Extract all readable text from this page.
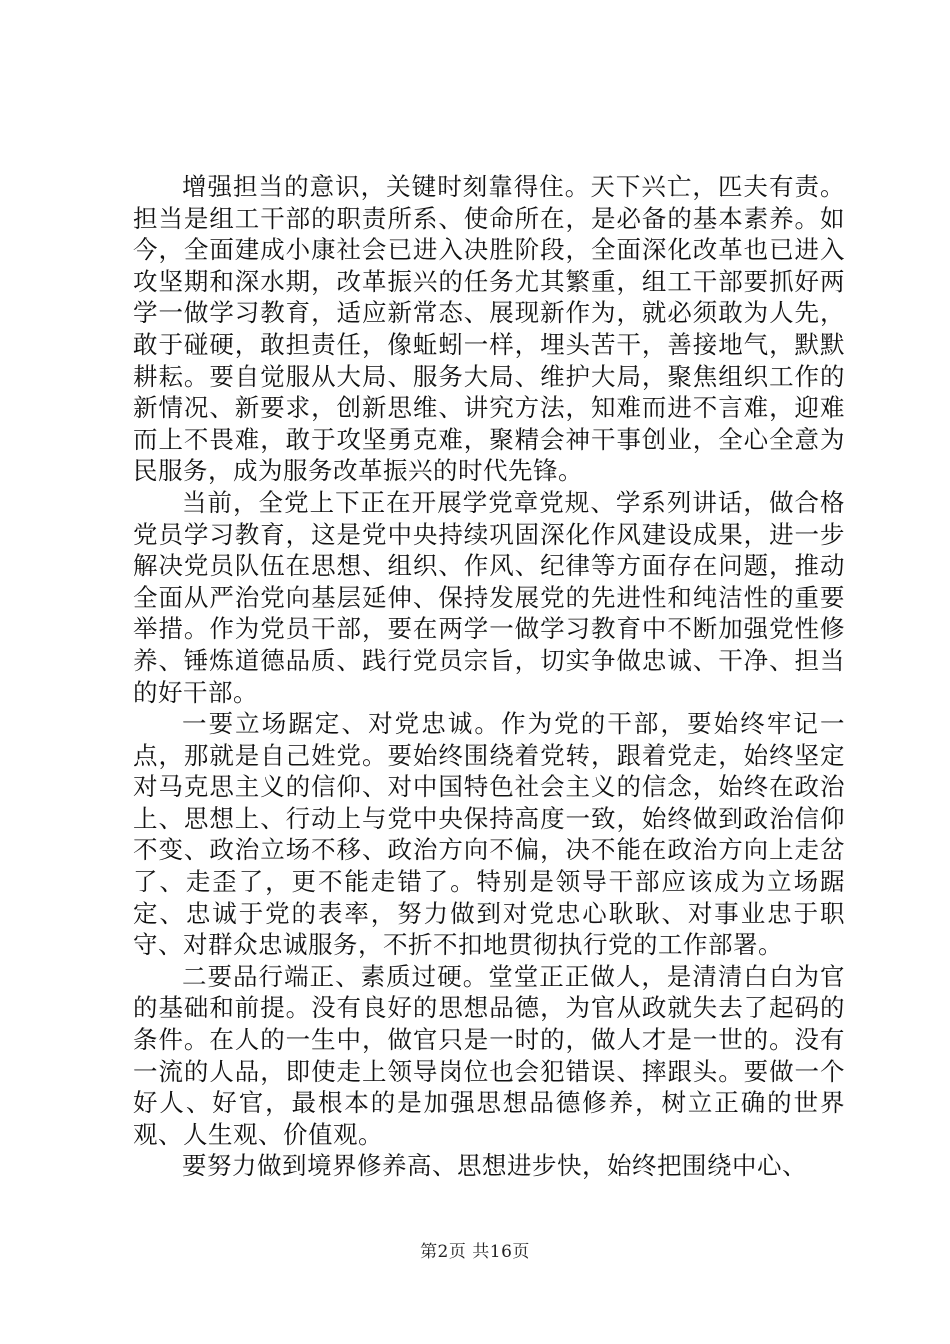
增强担当的意识，关键时刻靠得住。天下兴亡，匹夫有责。担当是组工干部的职责所系、使命所在，是必备的基本素养。如今，全面建成小康社会已进入决胜阶段，全面深化改革也已进入攻坚期和深水期，改革振兴的任务尤其繁重，组工干部要抓好两学一做学习教育，适应新常态、展现新作为，就必须敢为人先，敢于碰硬，敢担责任，像蚯蚓一样，埋头苦干，善接地气，默默耕耘。要自觉服从大局、服务大局、维护大局，聚焦组织工作的新情况、新要求，创新思维、讲究方法，知难而进不言难，迎难而上不畏难，敢于攻坚勇克难，聚精会神干事创业，全心全意为民服务，成为服务改革振兴的时代先锋。

当前，全党上下正在开展学党章党规、学系列讲话，做合格党员学习教育，这是党中央持续巩固深化作风建设成果，进一步解决党员队伍在思想、组织、作风、纪律等方面存在问题，推动全面从严治党向基层延伸、保持发展党的先进性和纯洁性的重要举措。作为党员干部，要在两学一做学习教育中不断加强党性修养、锤炼道德品质、践行党员宗旨，切实争做忠诚、干净、担当的好干部。

一要立场踞定、对党忠诚。作为党的干部，要始终牢记一点，那就是自己姓党。要始终围绕着党转，跟着党走，始终坚定对马克思主义的信仰、对中国特色社会主义的信念，始终在政治上、思想上、行动上与党中央保持高度一致，始终做到政治信仰不变、政治立场不移、政治方向不偏，决不能在政治方向上走岔了、走歪了，更不能走错了。特别是领导干部应该成为立场踞定、忠诚于党的表率，努力做到对党忠心耿耿、对事业忠于职守、对群众忠诚服务，不折不扣地贯彻执行党的工作部署。

二要品行端正、素质过硬。堂堂正正做人，是清清白白为官的基础和前提。没有良好的思想品德，为官从政就失去了起码的条件。在人的一生中，做官只是一时的，做人才是一世的。没有一流的人品，即使走上领导岗位也会犯错误、摔跟头。要做一个好人、好官，最根本的是加强思想品德修养，树立正确的世界观、人生观、价值观。

要努力做到境界修养高、思想进步快，始终把围绕中心、

第2页 共16页
